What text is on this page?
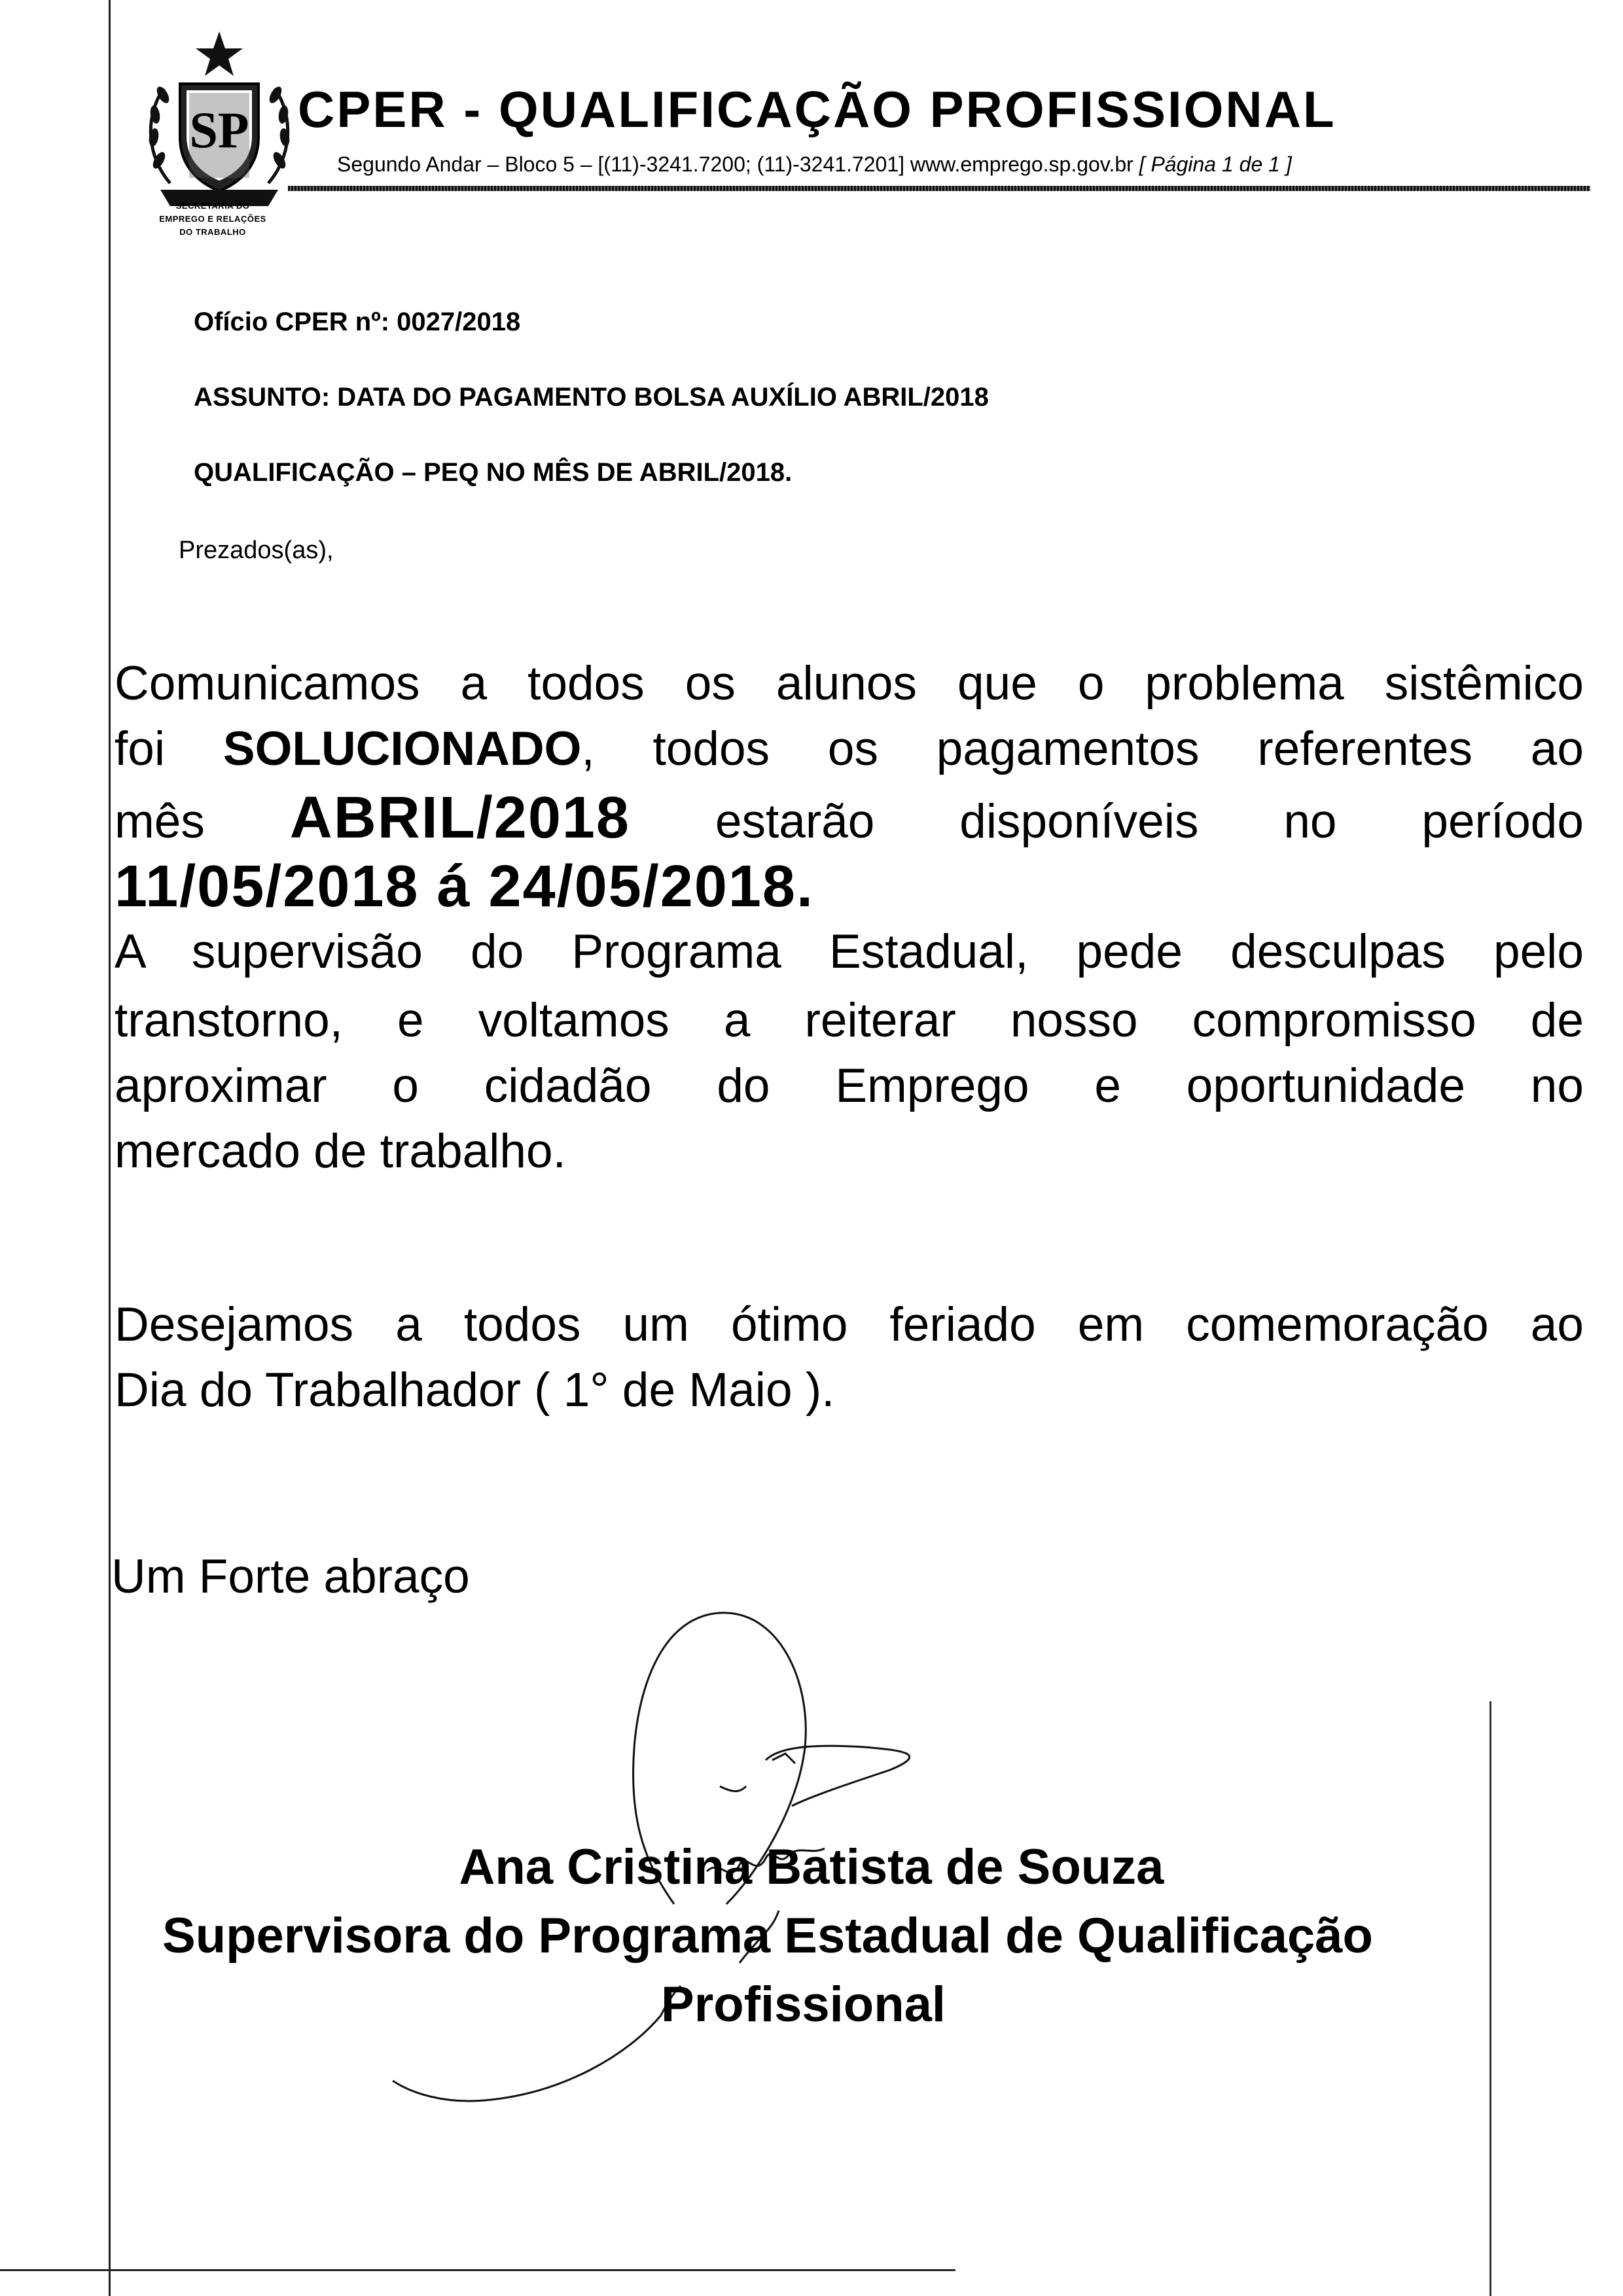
SP
SECRETARIA DO
EMPREGO E RELAÇÕES
DO TRABALHO
CPER - QUALIFICAÇÃO PROFISSIONAL
Segundo Andar – Bloco 5 – [(11)-3241.7200; (11)-3241.7201] www.emprego.sp.gov.br [ Página 1 de 1 ]
Ofício CPER nº: 0027/2018
ASSUNTO: DATA DO PAGAMENTO BOLSA AUXÍLIO ABRIL/2018
QUALIFICAÇÃO – PEQ NO MÊS DE ABRIL/2018.
Prezados(as),
Comunicamos a todos os alunos que o problema sistêmico
foi SOLUCIONADO, todos os pagamentos referentes ao
mês ABRIL/2018 estarão disponíveis no período
11/05/2018 á 24/05/2018.
A supervisão do Programa Estadual, pede desculpas pelo
transtorno, e voltamos a reiterar nosso compromisso de
aproximar o cidadão do Emprego e oportunidade no
mercado de trabalho.
Desejamos a todos um ótimo feriado em comemoração ao
Dia do Trabalhador ( 1° de Maio ).
Um Forte abraço
Ana Cristina Batista de Souza
Supervisora do Programa Estadual de Qualificação
Profissional
